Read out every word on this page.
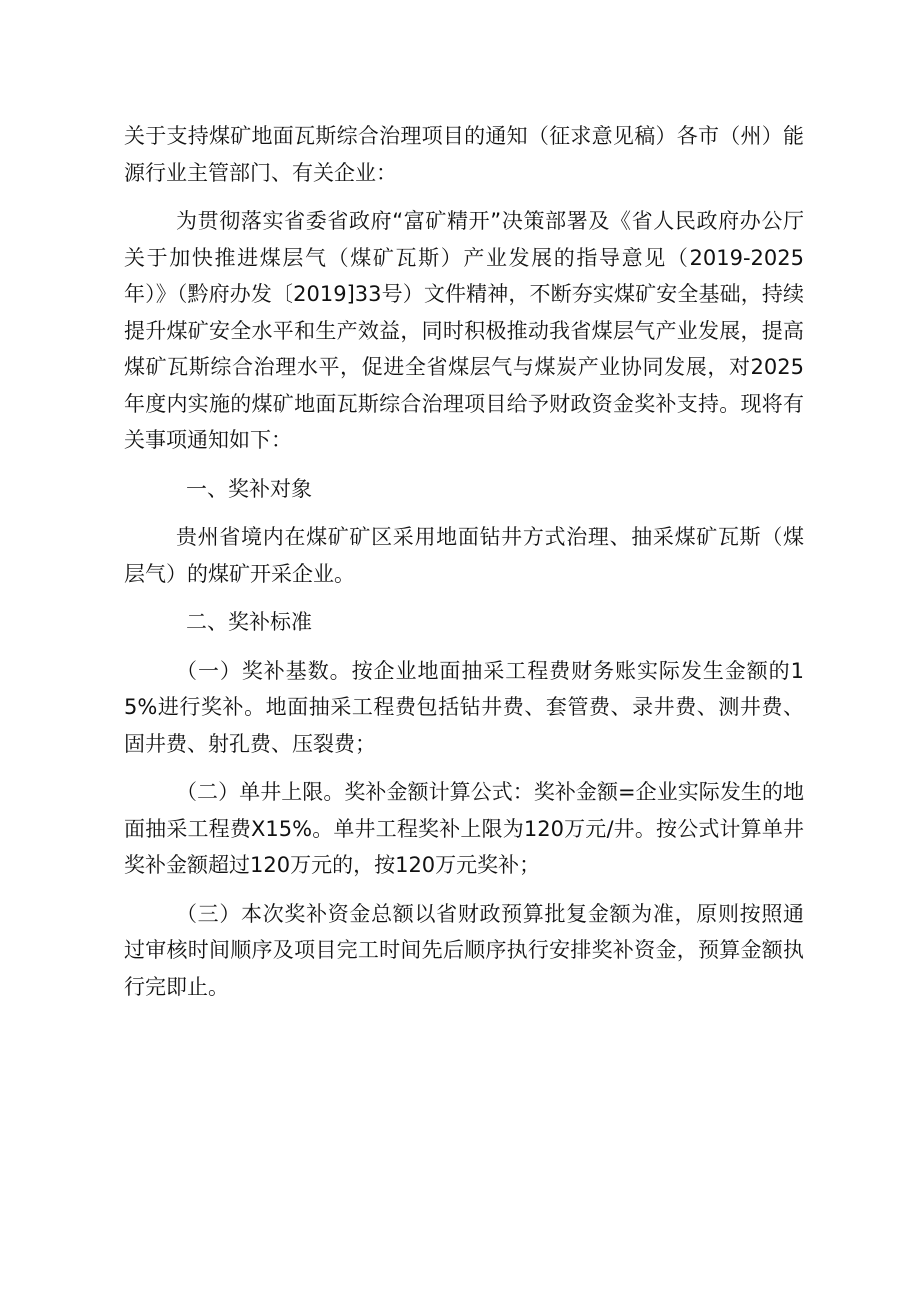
关于支持煤矿地面瓦斯综合治理项目的通知（征求意见稿）各市（州）能源行业主管部门、有关企业：

为贯彻落实省委省政府“富矿精开”决策部署及《省人民政府办公厅关于加快推进煤层气（煤矿瓦斯）产业发展的指导意见（2019-2025年）》（黔府办发〔2019]33号）文件精神，不断夯实煤矿安全基础，持续提升煤矿安全水平和生产效益，同时积极推动我省煤层气产业发展，提高煤矿瓦斯综合治理水平，促进全省煤层气与煤炭产业协同发展，对2025年度内实施的煤矿地面瓦斯综合治理项目给予财政资金奖补支持。现将有关事项通知如下：

一、奖补对象

贵州省境内在煤矿矿区采用地面钻井方式治理、抽采煤矿瓦斯（煤层气）的煤矿开采企业。

二、奖补标准

（一）奖补基数。按企业地面抽采工程费财务账实际发生金额的15%进行奖补。地面抽采工程费包括钻井费、套管费、录井费、测井费、固井费、射孔费、压裂费；

（二）单井上限。奖补金额计算公式：奖补金额=企业实际发生的地面抽采工程费X15%。单井工程奖补上限为120万元/井。按公式计算单井奖补金额超过120万元的，按120万元奖补；

（三）本次奖补资金总额以省财政预算批复金额为准，原则按照通过审核时间顺序及项目完工时间先后顺序执行安排奖补资金，预算金额执行完即止。
